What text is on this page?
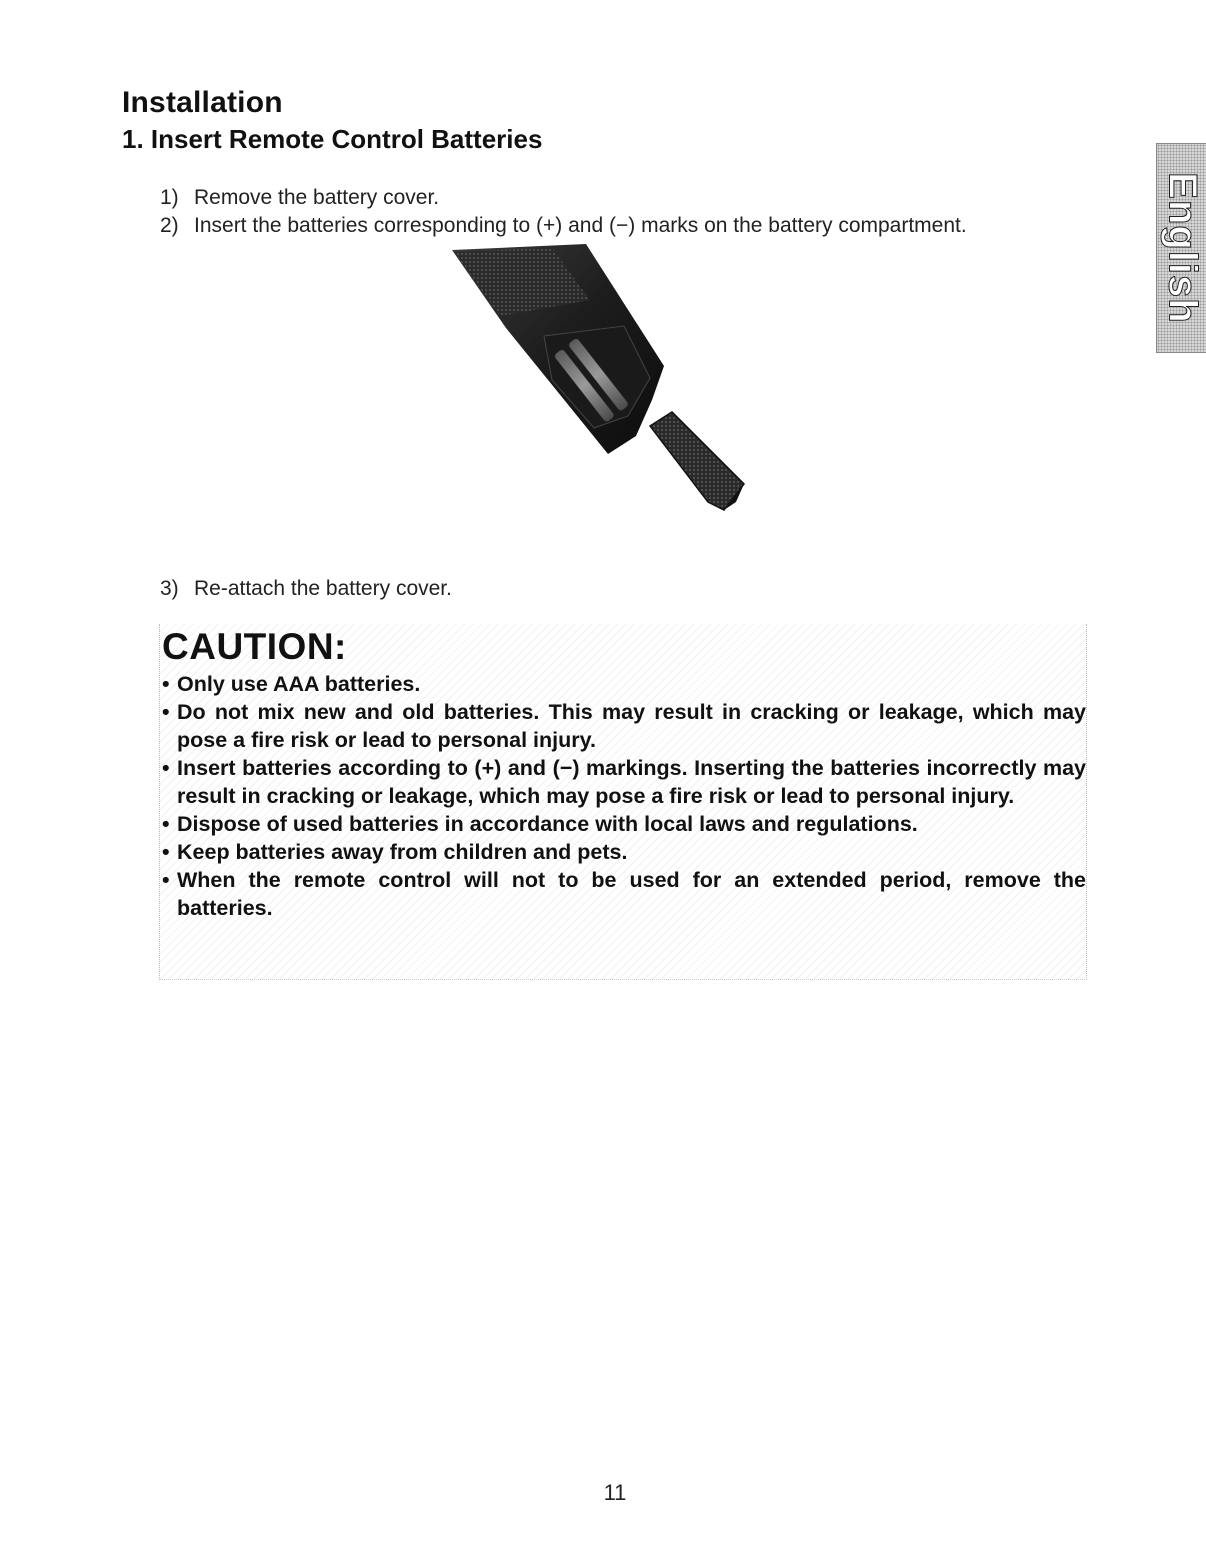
Installation
1. Insert Remote Control Batteries
English
1) Remove the battery cover.
2) Insert the batteries corresponding to (+) and (−) marks on the battery compartment.
3) Re-attach the battery cover.
CAUTION:
• Only use AAA batteries.
• Do not mix new and old batteries. This may result in cracking or leakage, which may pose a fire risk or lead to personal injury.
• Insert batteries according to (+) and (−) markings. Inserting the batteries incorrectly may result in cracking or leakage, which may pose a fire risk or lead to personal injury.
• Dispose of used batteries in accordance with local laws and regulations.
• Keep batteries away from children and pets.
• When the remote control will not to be used for an extended period, remove the batteries.
11
